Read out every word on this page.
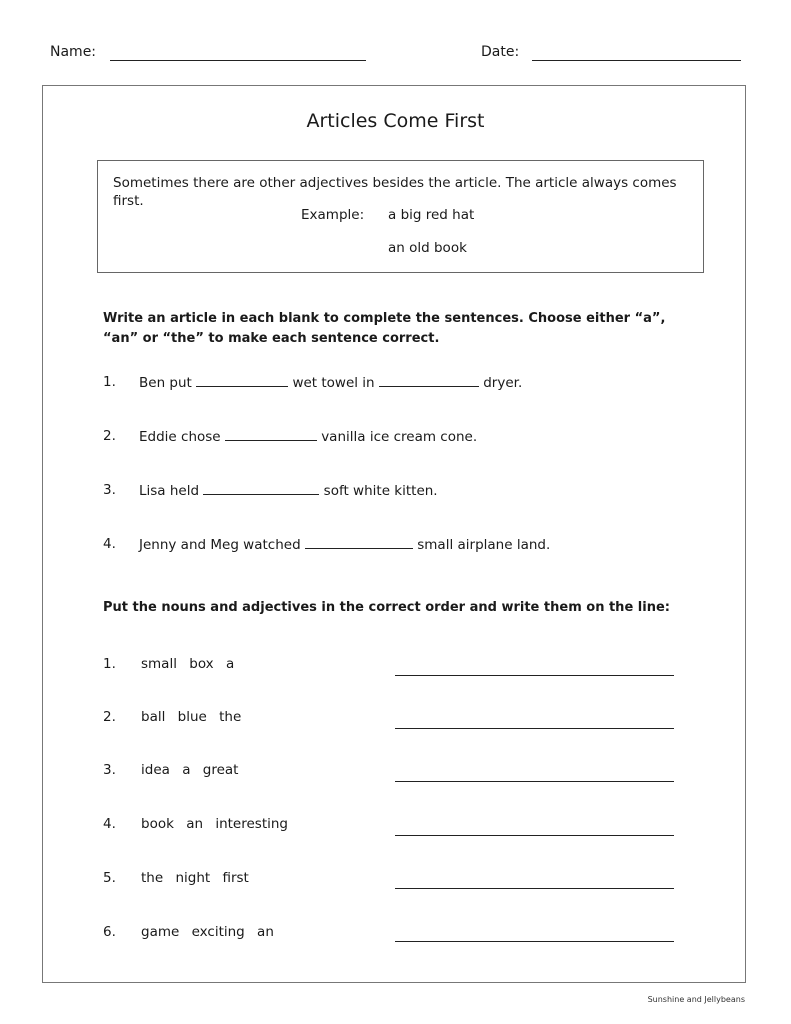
Name:	Date:
Articles Come First
Sometimes there are other adjectives besides the article. The article always comes first.
Example: a big red hat
an old book
Write an article in each blank to complete the sentences. Choose either “a”, “an” or “the” to make each sentence correct.
1. Ben put	wet towel in	dryer.
2. Eddie chose	vanilla ice cream cone.
3. Lisa held	soft white kitten.
4. Jenny and Meg watched	small airplane land.
Put the nouns and adjectives in the correct order and write them on the line:
1. small box a
2. ball blue the
3. idea a great
4. book an interesting
5. the night first
6. game exciting an
Sunshine and Jellybeans
